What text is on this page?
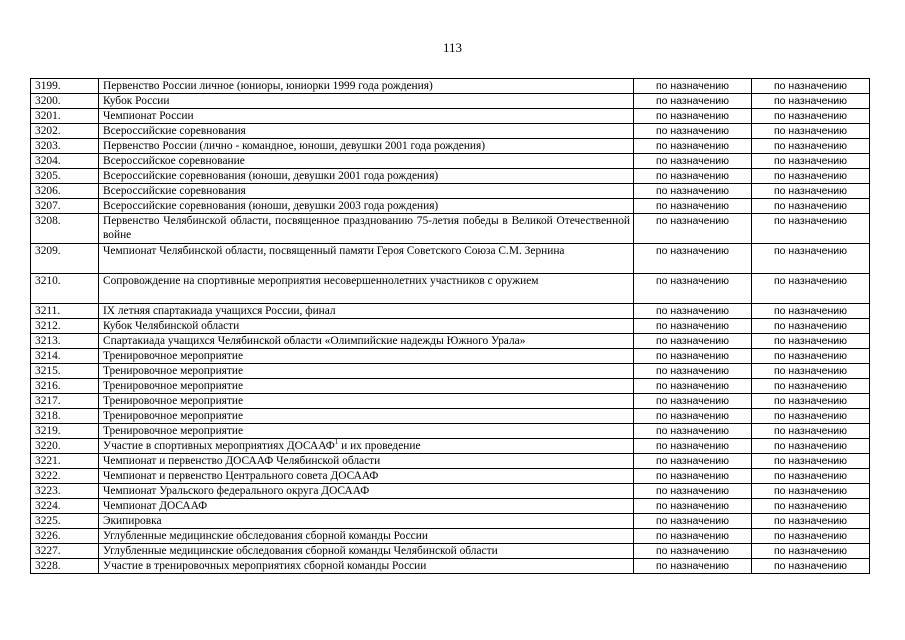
113
3199.	Первенство России личное (юниоры, юниорки 1999 года рождения)	по назначению	по назначению
3200.	Кубок России	по назначению	по назначению
3201.	Чемпионат России	по назначению	по назначению
3202.	Всероссийские соревнования	по назначению	по назначению
3203.	Первенство России (лично - командное, юноши, девушки 2001 года рождения)	по назначению	по назначению
3204.	Всероссийское соревнование	по назначению	по назначению
3205.	Всероссийские соревнования (юноши, девушки 2001 года рождения)	по назначению	по назначению
3206.	Всероссийские соревнования	по назначению	по назначению
3207.	Всероссийские соревнования (юноши, девушки 2003 года рождения)	по назначению	по назначению
3208.	Первенство Челябинской области, посвященное празднованию 75-летия победы в Великой Отечественной войне	по назначению	по назначению
3209.	Чемпионат Челябинской области, посвященный памяти Героя Советского Союза С.М. Зернина	по назначению	по назначению
3210.	Сопровождение на спортивные мероприятия несовершеннолетних участников с оружием	по назначению	по назначению
3211.	IX летняя спартакиада учащихся России, финал	по назначению	по назначению
3212.	Кубок Челябинской области	по назначению	по назначению
3213.	Спартакиада учащихся Челябинской области «Олимпийские надежды Южного Урала»	по назначению	по назначению
3214.	Тренировочное мероприятие	по назначению	по назначению
3215.	Тренировочное мероприятие	по назначению	по назначению
3216.	Тренировочное мероприятие	по назначению	по назначению
3217.	Тренировочное мероприятие	по назначению	по назначению
3218.	Тренировочное мероприятие	по назначению	по назначению
3219.	Тренировочное мероприятие	по назначению	по назначению
3220.	Участие в спортивных мероприятиях ДОСААФ$^1$ и их проведение	по назначению	по назначению
3221.	Чемпионат и первенство ДОСААФ Челябинской области	по назначению	по назначению
3222.	Чемпионат и первенство Центрального совета ДОСААФ	по назначению	по назначению
3223.	Чемпионат Уральского федерального округа ДОСААФ	по назначению	по назначению
3224.	Чемпионат ДОСААФ	по назначению	по назначению
3225.	Экипировка	по назначению	по назначению
3226.	Углубленные медицинские обследования сборной команды России	по назначению	по назначению
3227.	Углубленные медицинские обследования сборной команды Челябинской области	по назначению	по назначению
3228.	Участие в тренировочных мероприятиях сборной команды России	по назначению	по назначению
